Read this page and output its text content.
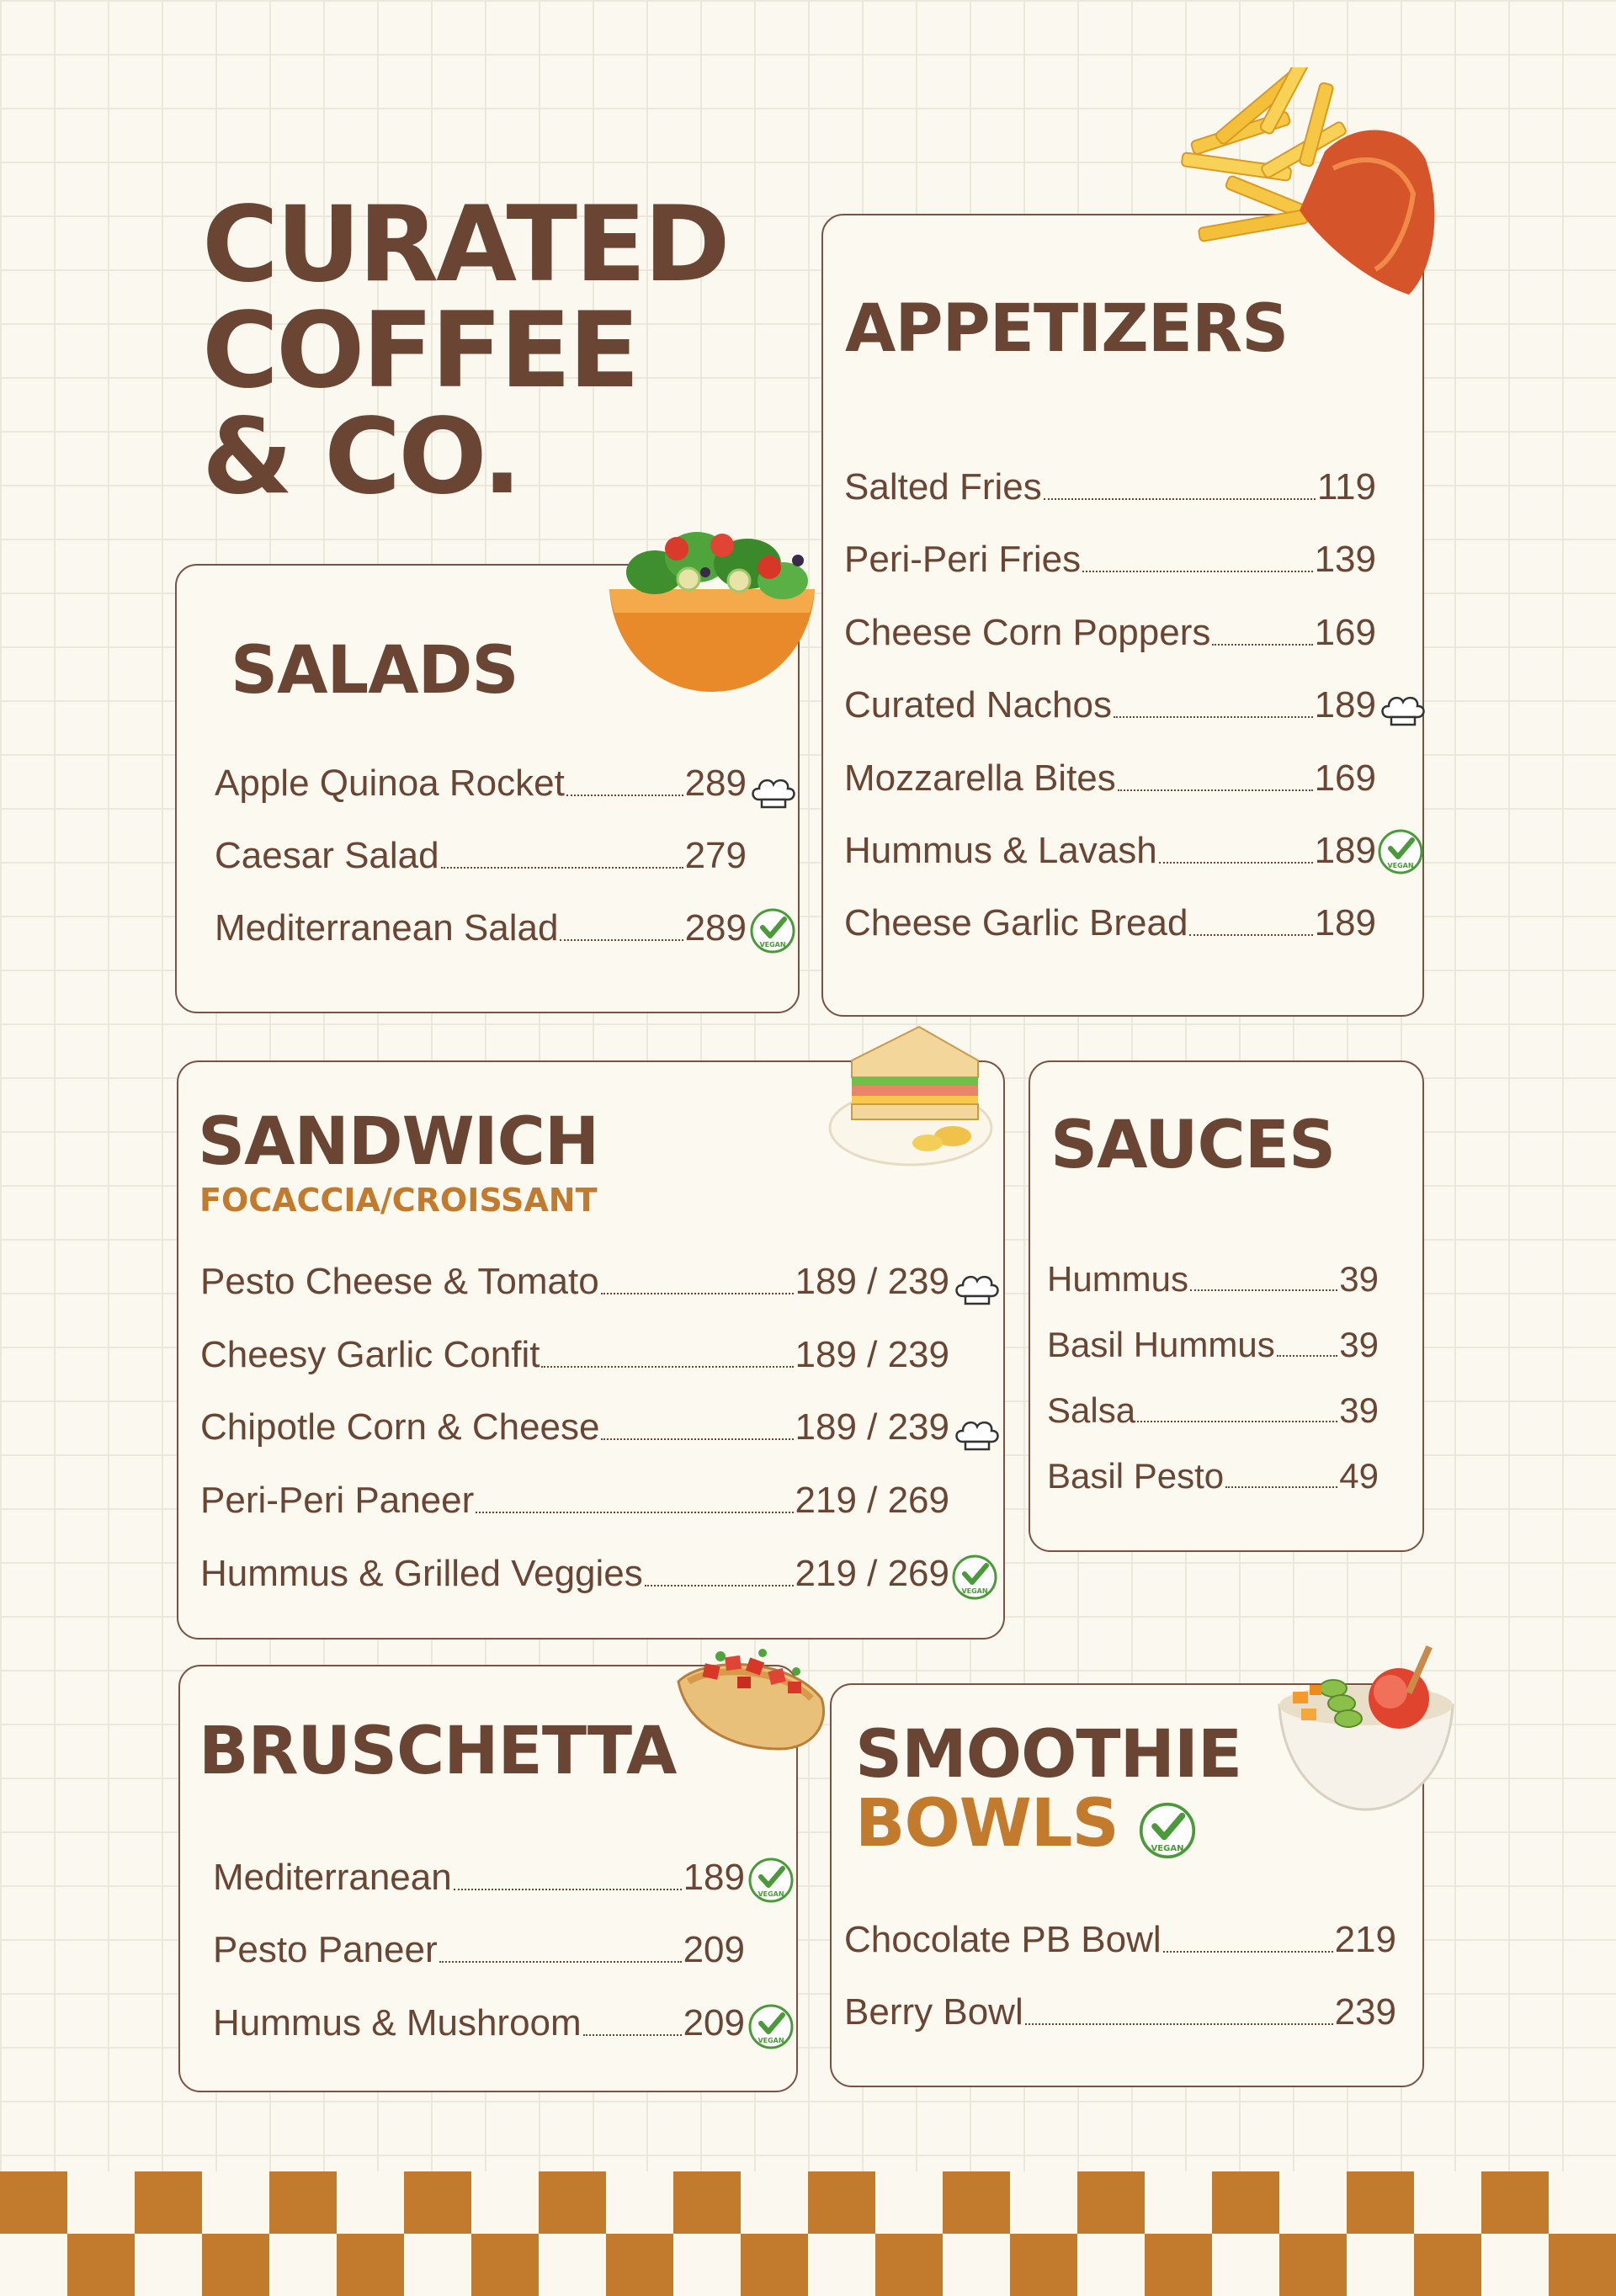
CURATED
COFFEE
& CO.
SALADS
Apple Quinoa Rocket	289
Caesar Salad	279
Mediterranean Salad	289 VEGAN
APPETIZERS
Salted Fries	119
Peri-Peri Fries	139
Cheese Corn Poppers	169
Curated Nachos	189
Mozzarella Bites	169
Hummus & Lavash	189
Cheese Garlic Bread	189
VEGAN
SANDWICH
FOCACCIA/CROISSANT
Pesto Cheese & Tomato	189 / 239
Cheesy Garlic Confit	189 / 239
Chipotle Corn & Cheese	189 / 239
Peri-Peri Paneer	219 / 269
Hummus & Grilled Veggies	219 / 269 VEGAN
SAUCES
Hummus	39
Basil Hummus 39
Salsa	39
Basil Pesto	49
BRUSCHETTA
Mediterranean	189
Pesto Paneer	209
Hummus & Mushroom	209
VEGAN
VEGAN
SMOOTHIE
BOWLS	VEGAN
Chocolate PB Bowl	219
Berry Bowl	239
